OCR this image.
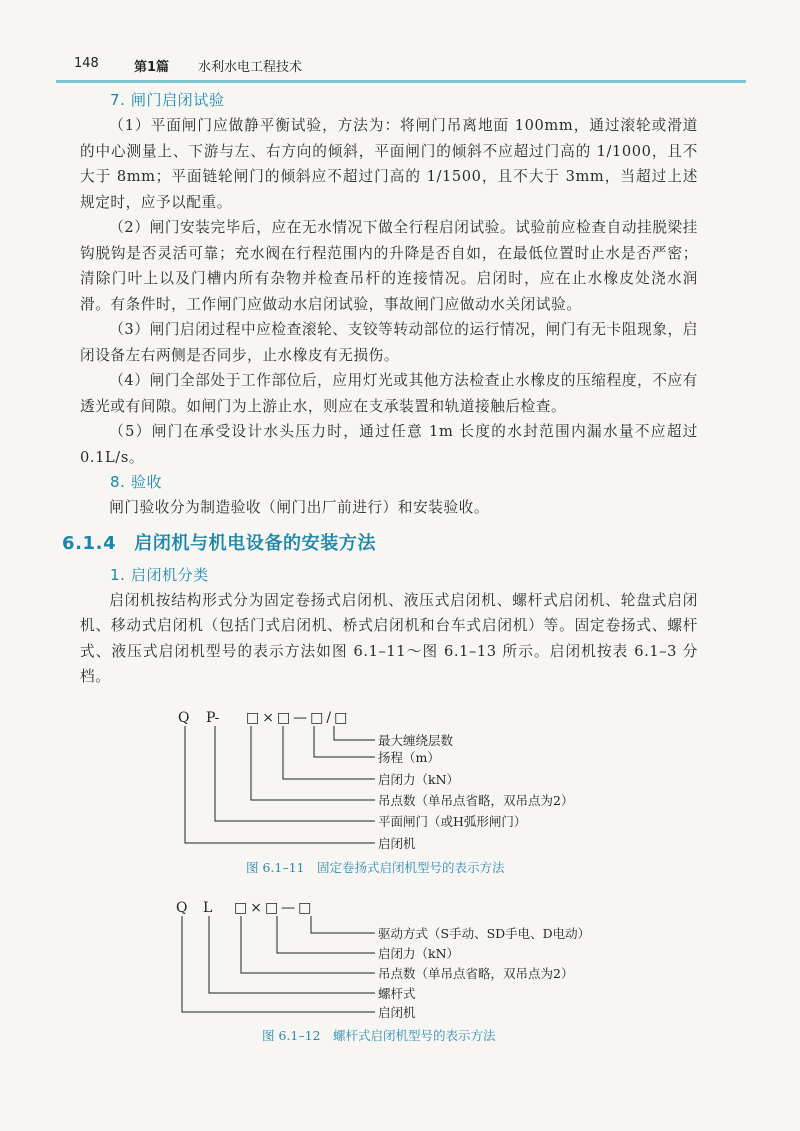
148	第1篇 水利水电工程技术
7. 闸门启闭试验

（1）平面闸门应做静平衡试验，方法为：将闸门吊离地面 100mm，通过滚轮或滑道的中心测量上、下游与左、右方向的倾斜，平面闸门的倾斜不应超过门高的 1/1000，且不大于 8mm；平面链轮闸门的倾斜应不超过门高的 1/1500，且不大于 3mm，当超过上述规定时，应予以配重。

（2）闸门安装完毕后，应在无水情况下做全行程启闭试验。试验前应检查自动挂脱梁挂钩脱钩是否灵活可靠；充水阀在行程范围内的升降是否自如，在最低位置时止水是否严密；清除门叶上以及门槽内所有杂物并检查吊杆的连接情况。启闭时，应在止水橡皮处浇水润滑。有条件时，工作闸门应做动水启闭试验，事故闸门应做动水关闭试验。

（3）闸门启闭过程中应检查滚轮、支铰等转动部位的运行情况，闸门有无卡阻现象，启闭设备左右两侧是否同步，止水橡皮有无损伤。

（4）闸门全部处于工作部位后，应用灯光或其他方法检查止水橡皮的压缩程度，不应有透光或有间隙。如闸门为上游止水，则应在支承装置和轨道接触后检查。

（5）闸门在承受设计水头压力时，通过任意 1m 长度的水封范围内漏水量不应超过 0.1L/s。

8. 验收

闸门验收分为制造验收（闸门出厂前进行）和安装验收。

6.1.4 启闭机与机电设备的安装方法
1. 启闭机分类

启闭机按结构形式分为固定卷扬式启闭机、液压式启闭机、螺杆式启闭机、轮盘式启闭机、移动式启闭机（包括门式启闭机、桥式启闭机和台车式启闭机）等。固定卷扬式、螺杆式、液压式启闭机型号的表示方法如图 6.1–11～图 6.1–13 所示。启闭机按表 6.1–3 分档。

Q P- □×□—□/□
最大缠绕层数
扬程（m）
启闭力（kN）
吊点数（单吊点省略，双吊点为2）
平面闸门（或H弧形闸门）
启闭机
图 6.1–11　固定卷扬式启闭机型号的表示方法
Q L □×□—□
驱动方式（S手动、SD手电、D电动）
启闭力（kN）
吊点数（单吊点省略，双吊点为2）
螺杆式
启闭机
图 6.1–12　螺杆式启闭机型号的表示方法
